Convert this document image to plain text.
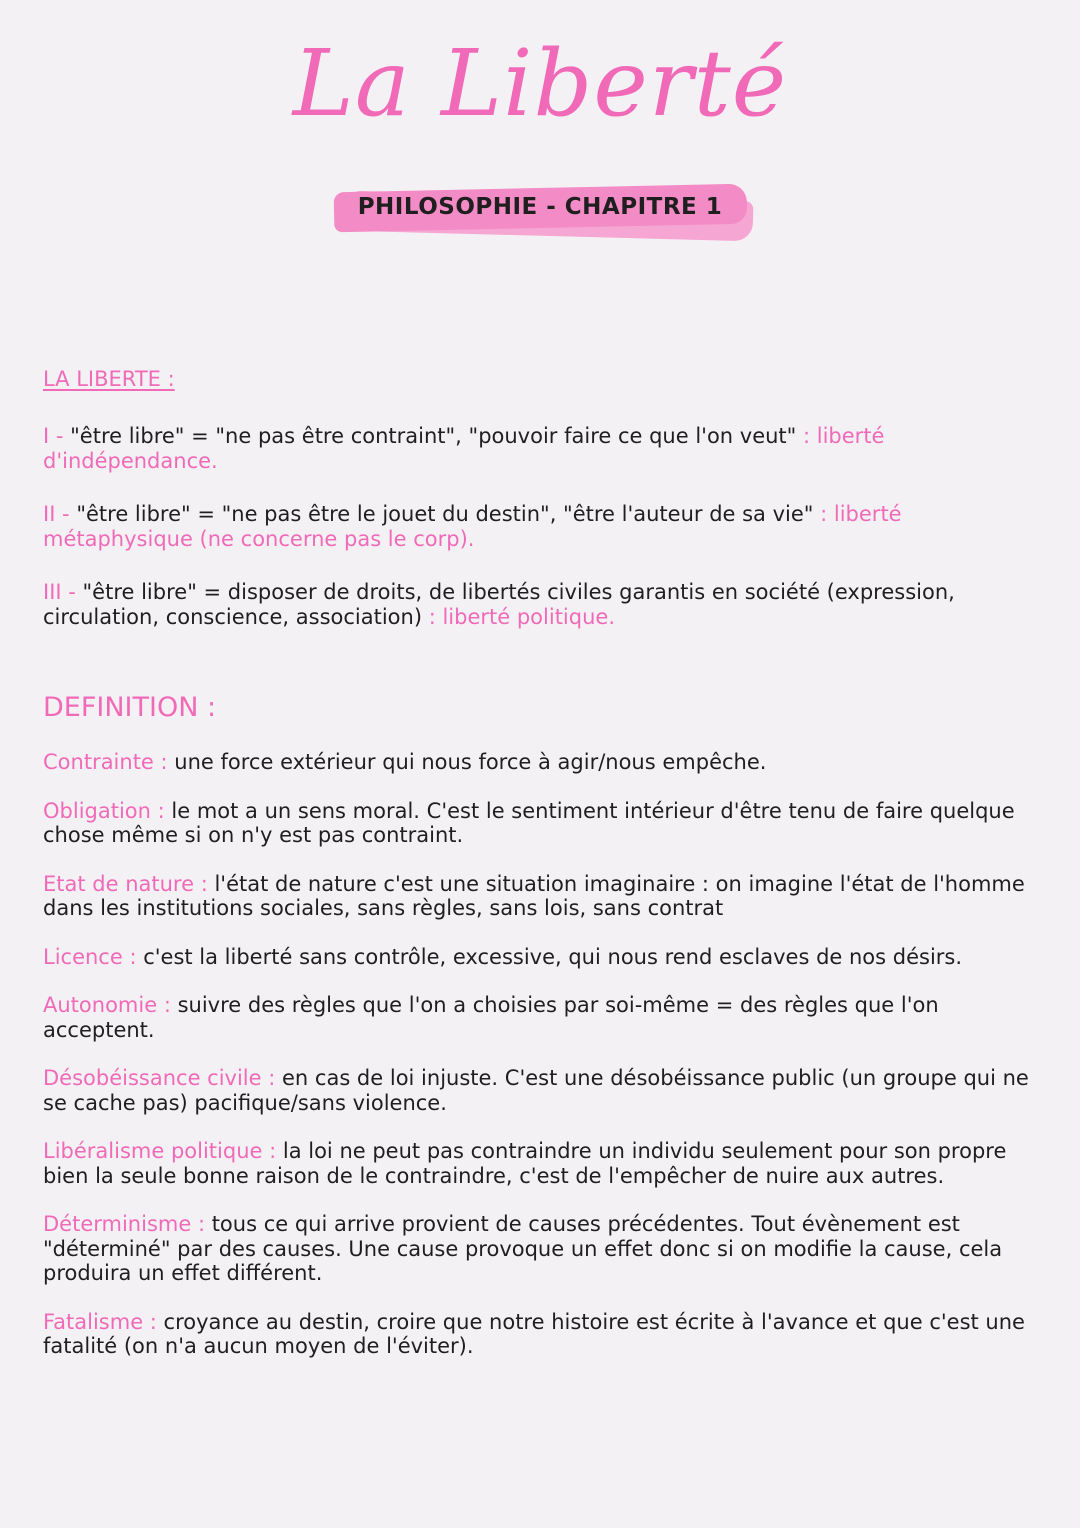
La Liberté
PHILOSOPHIE - CHAPITRE 1
LA LIBERTE :
I - "être libre" = "ne pas être contraint", "pouvoir faire ce que l'on veut" : liberté d'indépendance.
II - "être libre" = "ne pas être le jouet du destin", "être l'auteur de sa vie" : liberté métaphysique (ne concerne pas le corp).
III - "être libre" = disposer de droits, de libertés civiles garantis en société (expression, circulation, conscience, association) : liberté politique.
DEFINITION :
Contrainte : une force extérieur qui nous force à agir/nous empêche.
Obligation : le mot a un sens moral. C'est le sentiment intérieur d'être tenu de faire quelque chose même si on n'y est pas contraint.
Etat de nature : l'état de nature c'est une situation imaginaire : on imagine l'état de l'homme dans les institutions sociales, sans règles, sans lois, sans contrat
Licence : c'est la liberté sans contrôle, excessive, qui nous rend esclaves de nos désirs.
Autonomie : suivre des règles que l'on a choisies par soi-même = des règles que l'on acceptent.
Désobéissance civile : en cas de loi injuste. C'est une désobéissance public (un groupe qui ne se cache pas) pacifique/sans violence.
Libéralisme politique : la loi ne peut pas contraindre un individu seulement pour son propre bien la seule bonne raison de le contraindre, c'est de l'empêcher de nuire aux autres.
Déterminisme : tous ce qui arrive provient de causes précédentes. Tout évènement est "déterminé" par des causes. Une cause provoque un effet donc si on modifie la cause, cela produira un effet différent.
Fatalisme : croyance au destin, croire que notre histoire est écrite à l'avance et que c'est une fatalité (on n'a aucun moyen de l'éviter).
